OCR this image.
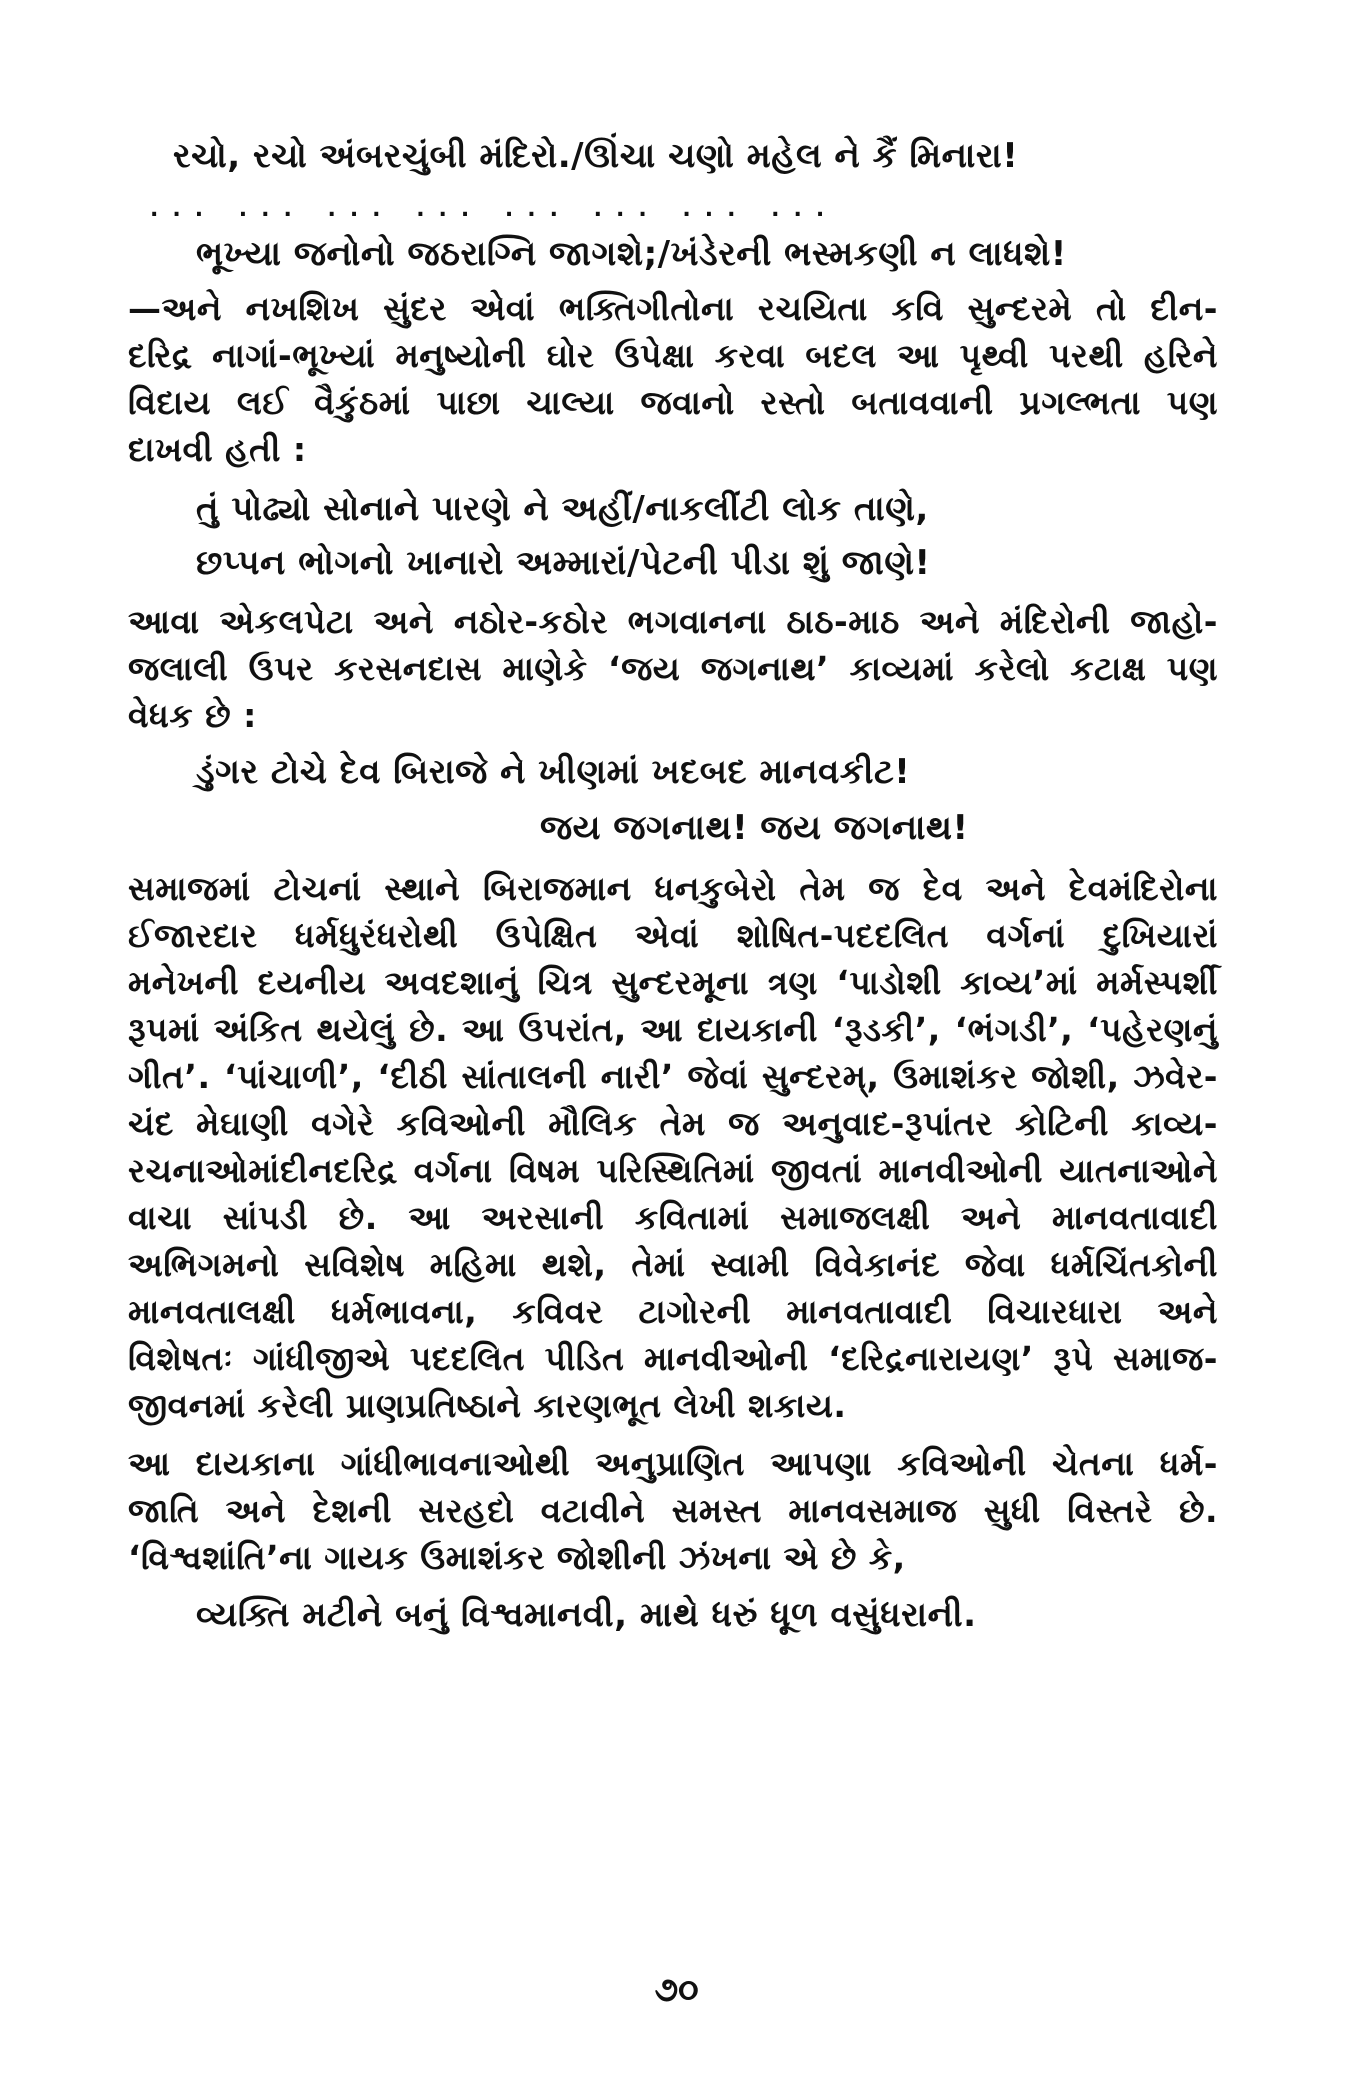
રચો, રચો અંબરચુંબી મંદિરો./ઊંચા ચણો મહેલ ને કૈં મિનારા!
... ... ... ... ... ... ... ...
ભૂખ્યા જનોનો જઠરાગ્નિ જાગશે;/ખંડેરની ભસ્મકણી ન લાધશે!
—અને નખશિખ સુંદર એવાં ભક્તિગીતોના રચયિતા કવિ સુન્દરમે તો દીન-
દરિદ્ર નાગાં-ભૂખ્યાં મનુષ્યોની ઘોર ઉપેક્ષા કરવા બદલ આ પૃથ્વી પરથી હરિને
વિદાય લઈ વૈકુંઠમાં પાછા ચાલ્યા જવાનો રસ્તો બતાવવાની પ્રગલ્ભતા પણ
દાખવી હતી :
તું પોઢ્યો સોનાને પારણે ને અહીં/નાકલીંટી લોક તાણે,
છપ્પન ભોગનો ખાનારો અમ્મારાં/પેટની પીડા શું જાણે!
આવા એકલપેટા અને નઠોર-કઠોર ભગવાનના ઠાઠ-માઠ અને મંદિરોની જાહો-
જલાલી ઉપર કરસનદાસ માણેકે ‘જય જગનાથ’ કાવ્યમાં કરેલો કટાક્ષ પણ
વેધક છે :
ડુંગર ટોચે દેવ બિરાજે ને ખીણમાં ખદબદ માનવકીટ!
જય જગનાથ! જય જગનાથ!
સમાજમાં ટોચનાં સ્થાને બિરાજમાન ધનકુબેરો તેમ જ દેવ અને દેવમંદિરોના
ઈજારદાર ધર્મધુરંધરોથી ઉપેક્ષિત એવાં શોષિત-પદદલિત વર્ગનાં દુખિયારાં
મનેખની દયનીય અવદશાનું ચિત્ર સુન્દરમૂના ત્રણ ‘પાડોશી કાવ્ય’માં મર્મસ્પર્શી
રૂપમાં અંકિત થયેલું છે. આ ઉપરાંત, આ દાયકાની ‘રૂડકી’, ‘ભંગડી’, ‘પહેરણનું
ગીત’. ‘પાંચાળી’, ‘દીઠી સાંતાલની નારી’ જેવાં સુન્દરમ્, ઉમાશંકર જોશી, ઝવેર-
ચંદ મેઘાણી વગેરે કવિઓની મૌલિક તેમ જ અનુવાદ-રૂપાંતર કોટિની કાવ્ય-
રચનાઓમાંદીનદરિદ્ર વર્ગના વિષમ પરિસ્થિતિમાં જીવતાં માનવીઓની યાતનાઓને
વાચા સાંપડી છે. આ અરસાની કવિતામાં સમાજલક્ષી અને માનવતાવાદી
અભિગમનો સવિશેષ મહિમા થશે, તેમાં સ્વામી વિવેકાનંદ જેવા ધર્મચિંતકોની
માનવતાલક્ષી ધર્મભાવના, કવિવર ટાગોરની માનવતાવાદી વિચારધારા અને
વિશેષતઃ ગાંધીજીએ પદદલિત પીડિત માનવીઓની ‘દરિદ્રનારાયણ’ રૂપે સમાજ-
જીવનમાં કરેલી પ્રાણપ્રતિષ્ઠાને કારણભૂત લેખી શકાય.
આ દાયકાના ગાંધીભાવનાઓથી અનુપ્રાણિત આપણા કવિઓની ચેતના ધર્મ-
જાતિ અને દેશની સરહદો વટાવીને સમસ્ત માનવસમાજ સુધી વિસ્તરે છે.
‘વિશ્વશાંતિ’ના ગાયક ઉમાશંકર જોશીની ઝંખના એ છે કે,
વ્યક્તિ મટીને બનું વિશ્વમાનવી, માથે ધરું ધૂળ વસુંધરાની.
૭૦
